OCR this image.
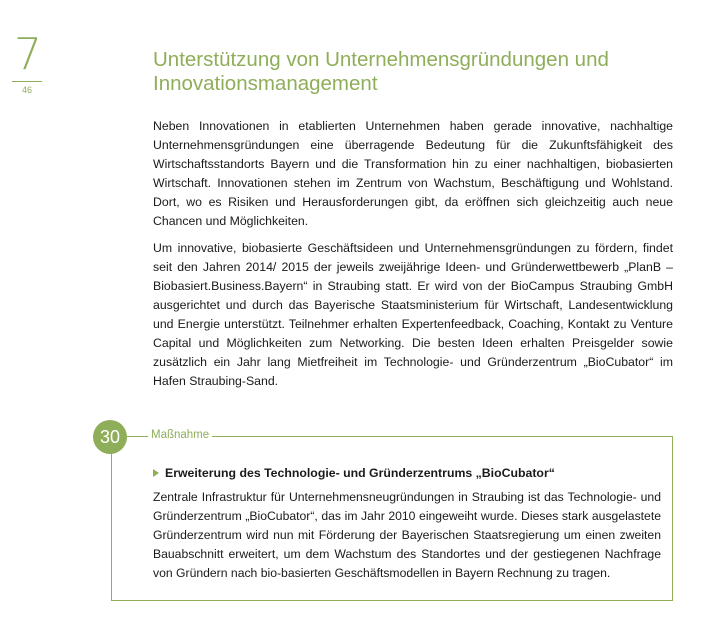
7
46
Unterstützung von Unternehmensgründungen und Innovationsmanagement

Neben Innovationen in etablierten Unternehmen haben gerade innovative, nachhaltige Unternehmensgründungen eine überragende Bedeutung für die Zukunftsfähigkeit des Wirtschaftsstandorts Bayern und die Transformation hin zu einer nachhaltigen, biobasierten Wirtschaft. Innovationen stehen im Zentrum von Wachstum, Beschäftigung und Wohlstand. Dort, wo es Risiken und Herausforderungen gibt, da eröffnen sich gleichzeitig auch neue Chancen und Möglichkeiten.

Um innovative, biobasierte Geschäftsideen und Unternehmensgründungen zu fördern, findet seit den Jahren 2014/ 2015 der jeweils zweijährige Ideen- und Gründerwettbewerb „PlanB – Biobasiert.Business.Bayern“ in Straubing statt. Er wird von der BioCampus Straubing GmbH ausgerichtet und durch das Bayerische Staatsministerium für Wirtschaft, Landesentwicklung und Energie unterstützt. Teilnehmer erhalten Expertenfeedback, Coaching, Kontakt zu Venture Capital und Möglichkeiten zum Networking. Die besten Ideen erhalten Preisgelder sowie zusätzlich ein Jahr lang Mietfreiheit im Technologie- und Gründerzentrum „BioCubator“ im Hafen Straubing-Sand.

30	Maßnahme
Erweiterung des Technologie- und Gründerzentrums „BioCubator“

Zentrale Infrastruktur für Unternehmensneugründungen in Straubing ist das Technologie- und Gründerzentrum „BioCubator“, das im Jahr 2010 eingeweiht wurde. Dieses stark ausgelastete Gründerzentrum wird nun mit Förderung der Bayerischen Staatsregierung um einen zweiten Bauabschnitt erweitert, um dem Wachstum des Standortes und der gestiegenen Nachfrage von Gründern nach bio-basierten Geschäftsmodellen in Bayern Rechnung zu tragen.
